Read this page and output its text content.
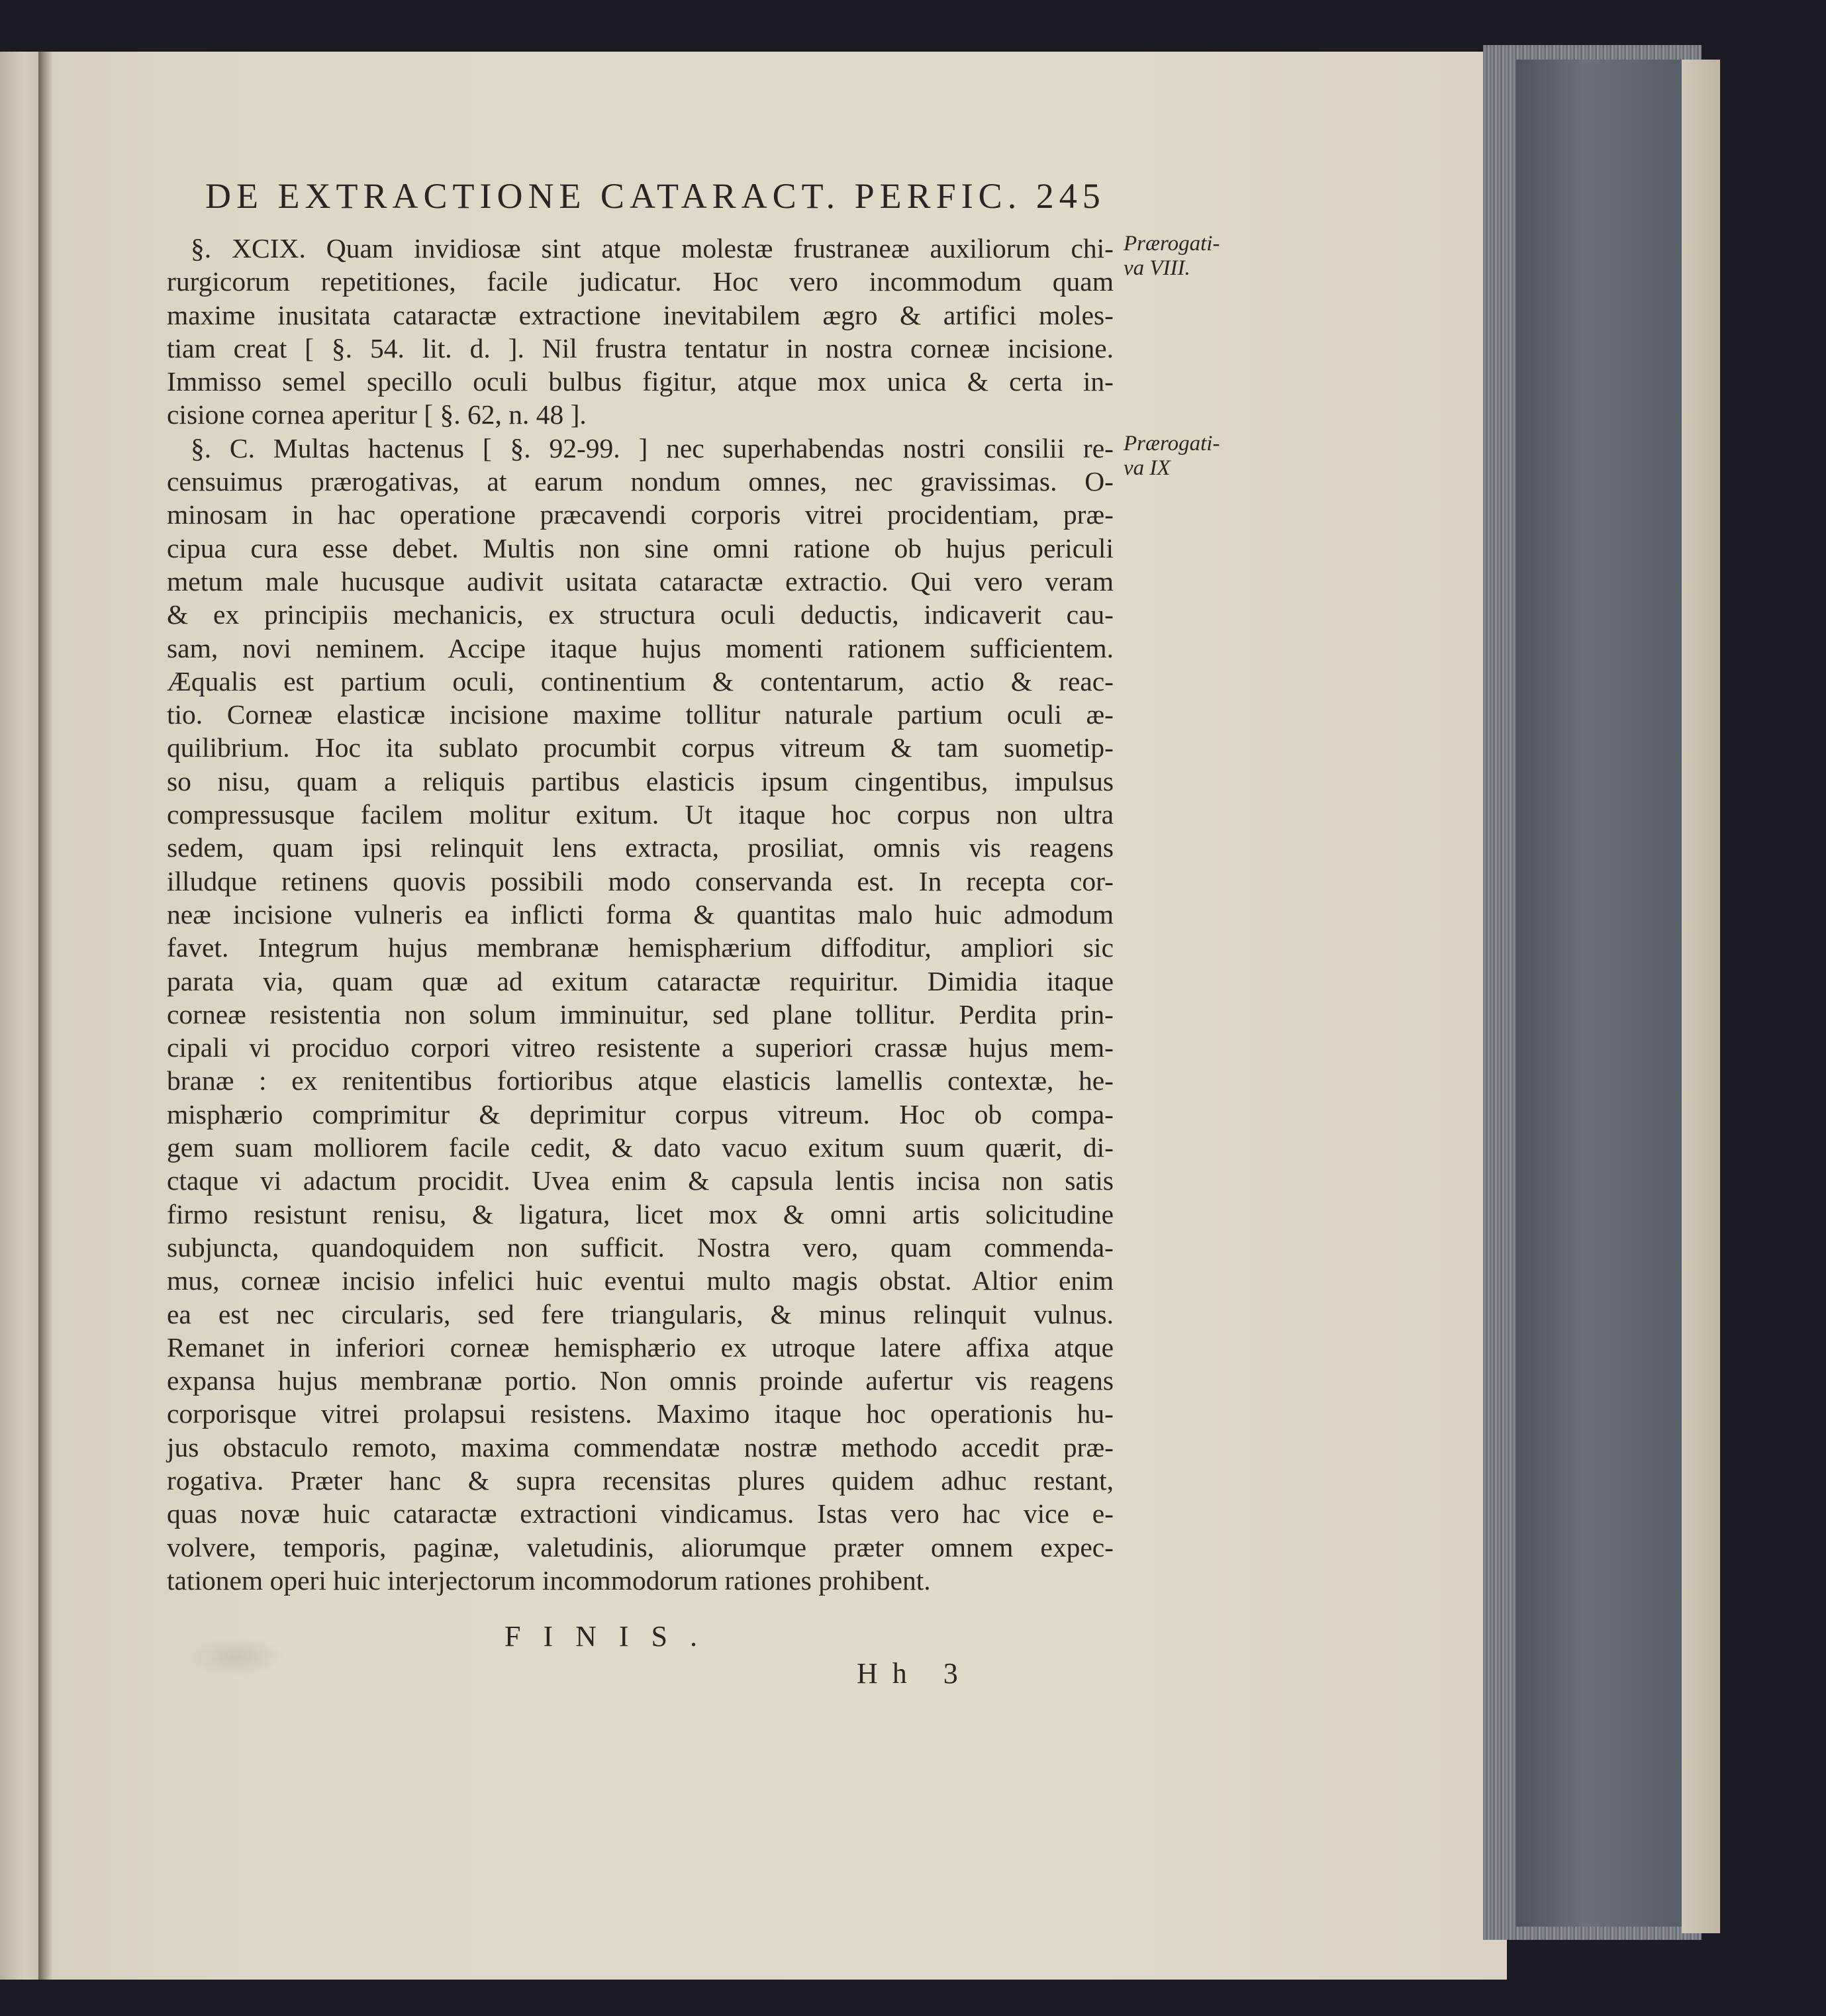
DE EXTRACTIONE CATARACT. PERFIC. 245
Prærogati-
va VIII.
Prærogati-
va IX
§. XCIX. Quam invidiosæ sint atque molestæ frustraneæ auxiliorum chi-
rurgicorum repetitiones, facile judicatur. Hoc vero incommodum quam
maxime inusitata cataractæ extractione inevitabilem ægro & artifici moles-
tiam creat [ §. 54. lit. d. ]. Nil frustra tentatur in nostra corneæ incisione.
Immisso semel specillo oculi bulbus figitur, atque mox unica & certa in-
cisione cornea aperitur [ §. 62, n. 48 ].
§. C. Multas hactenus [ §. 92-99. ] nec superhabendas nostri consilii re-
censuimus prærogativas, at earum nondum omnes, nec gravissimas. O-
minosam in hac operatione præcavendi corporis vitrei procidentiam, præ-
cipua cura esse debet. Multis non sine omni ratione ob hujus periculi
metum male hucusque audivit usitata cataractæ extractio. Qui vero veram
& ex principiis mechanicis, ex structura oculi deductis, indicaverit cau-
sam, novi neminem. Accipe itaque hujus momenti rationem sufficientem.
Æqualis est partium oculi, continentium & contentarum, actio & reac-
tio. Corneæ elasticæ incisione maxime tollitur naturale partium oculi æ-
quilibrium. Hoc ita sublato procumbit corpus vitreum & tam suometip-
so nisu, quam a reliquis partibus elasticis ipsum cingentibus, impulsus
compressusque facilem molitur exitum. Ut itaque hoc corpus non ultra
sedem, quam ipsi relinquit lens extracta, prosiliat, omnis vis reagens
illudque retinens quovis possibili modo conservanda est. In recepta cor-
neæ incisione vulneris ea inflicti forma & quantitas malo huic admodum
favet. Integrum hujus membranæ hemisphærium diffoditur, ampliori sic
parata via, quam quæ ad exitum cataractæ requiritur. Dimidia itaque
corneæ resistentia non solum imminuitur, sed plane tollitur. Perdita prin-
cipali vi prociduo corpori vitreo resistente a superiori crassæ hujus mem-
branæ : ex renitentibus fortioribus atque elasticis lamellis contextæ, he-
misphærio comprimitur & deprimitur corpus vitreum. Hoc ob compa-
gem suam molliorem facile cedit, & dato vacuo exitum suum quærit, di-
ctaque vi adactum procidit. Uvea enim & capsula lentis incisa non satis
firmo resistunt renisu, & ligatura, licet mox & omni artis solicitudine
subjuncta, quandoquidem non sufficit. Nostra vero, quam commenda-
mus, corneæ incisio infelici huic eventui multo magis obstat. Altior enim
ea est nec circularis, sed fere triangularis, & minus relinquit vulnus.
Remanet in inferiori corneæ hemisphærio ex utroque latere affixa atque
expansa hujus membranæ portio. Non omnis proinde aufertur vis reagens
corporisque vitrei prolapsui resistens. Maximo itaque hoc operationis hu-
jus obstaculo remoto, maxima commendatæ nostræ methodo accedit præ-
rogativa. Præter hanc & supra recensitas plures quidem adhuc restant,
quas novæ huic cataractæ extractioni vindicamus. Istas vero hac vice e-
volvere, temporis, paginæ, valetudinis, aliorumque præter omnem expec-
tationem operi huic interjectorum incommodorum rationes prohibent.
FINIS.
Hh 3
